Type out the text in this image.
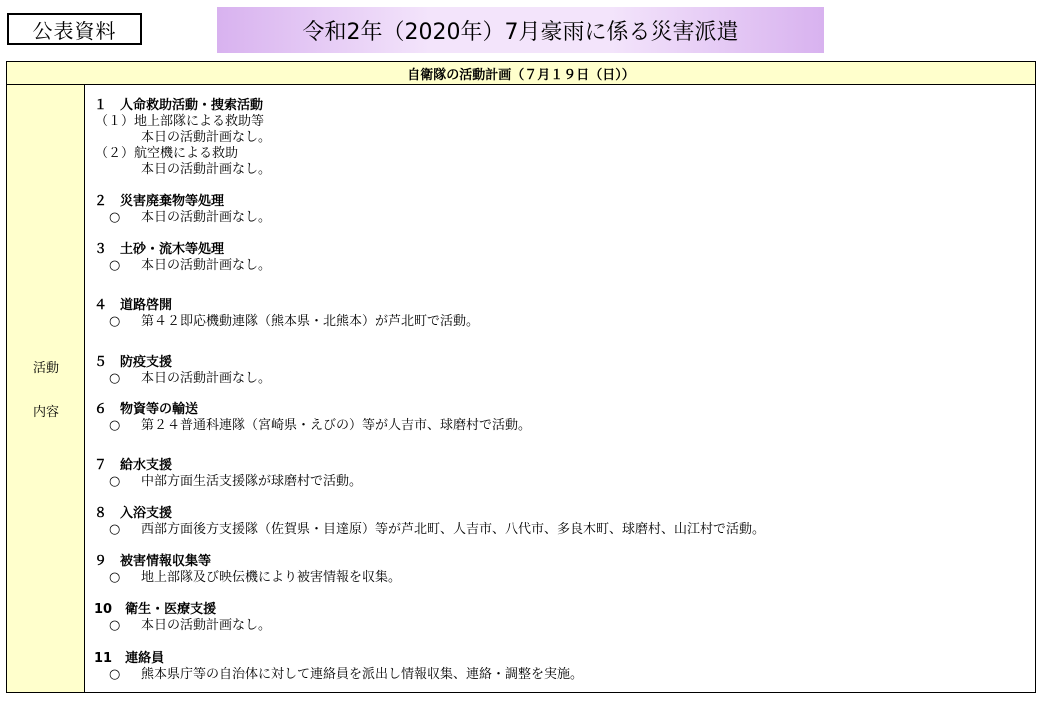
公表資料	令和2年（2020年）7月豪雨に係る災害派遣
自衛隊の活動計画（７月１９日（日））
活動
内容
１　人命救助活動・捜索活動
（１）地上部隊による救助等
本日の活動計画なし。
（２）航空機による救助
本日の活動計画なし。
２　災害廃棄物等処理
○ 本日の活動計画なし。
３　土砂・流木等処理
○ 本日の活動計画なし。
４　道路啓開
○ 第４２即応機動連隊（熊本県・北熊本）が芦北町で活動。
５　防疫支援
○ 本日の活動計画なし。
６　物資等の輸送
○ 第２４普通科連隊（宮崎県・えびの）等が人吉市、球磨村で活動。
７　給水支援
○ 中部方面生活支援隊が球磨村で活動。
８　入浴支援
○ 西部方面後方支援隊（佐賀県・目達原）等が芦北町、人吉市、八代市、多良木町、球磨村、山江村で活動。
９　被害情報収集等
○ 地上部隊及び映伝機により被害情報を収集。
10　衛生・医療支援
○ 本日の活動計画なし。
11　連絡員
○ 熊本県庁等の自治体に対して連絡員を派出し情報収集、連絡・調整を実施。
